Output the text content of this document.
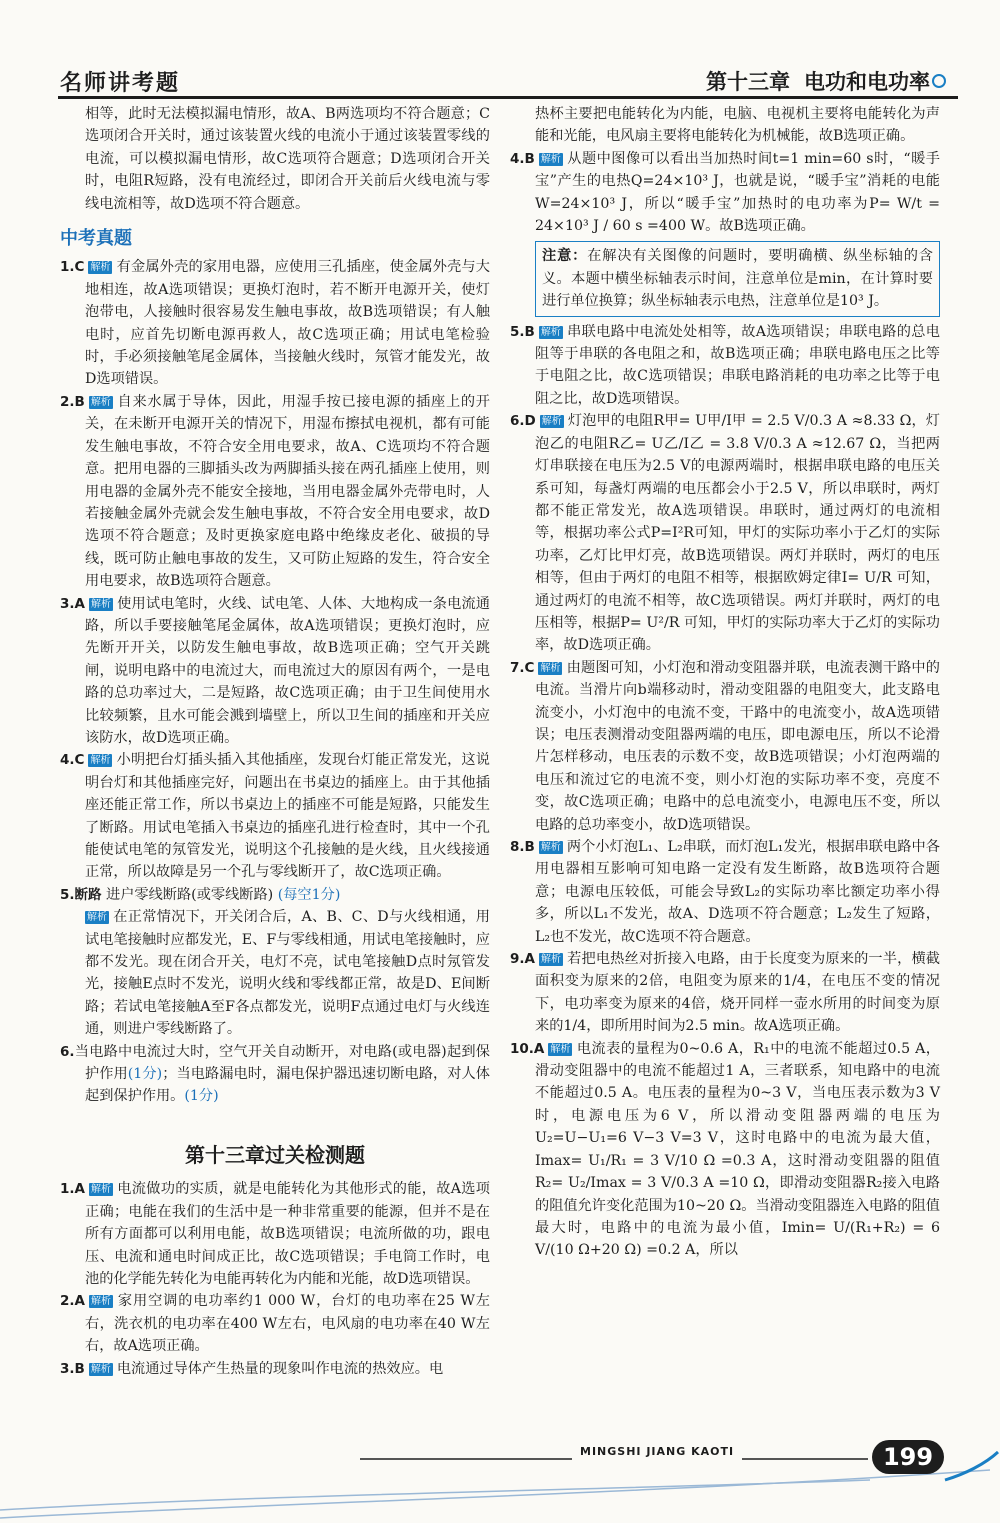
名师讲考题	第十三章 电功和电功率

相等，此时无法模拟漏电情形，故A、B两选项均不符合题意；C选项闭合开关时，通过该装置火线的电流小于通过该装置零线的电流，可以模拟漏电情形，故C选项符合题意；D选项闭合开关时，电阻R短路，没有电流经过，即闭合开关前后火线电流与零线电流相等，故D选项不符合题意。

中考真题

1.C 解析 有金属外壳的家用电器，应使用三孔插座，使金属外壳与大地相连，故A选项错误；更换灯泡时，若不断开电源开关，使灯泡带电，人接触时很容易发生触电事故，故B选项错误；有人触电时，应首先切断电源再救人，故C选项正确；用试电笔检验时，手必须接触笔尾金属体，当接触火线时，氖管才能发光，故D选项错误。

2.B 解析 自来水属于导体，因此，用湿手按已接电源的插座上的开关，在未断开电源开关的情况下，用湿布擦拭电视机，都有可能发生触电事故，不符合安全用电要求，故A、C选项均不符合题意。把用电器的三脚插头改为两脚插头接在两孔插座上使用，则用电器的金属外壳不能安全接地，当用电器金属外壳带电时，人若接触金属外壳就会发生触电事故，不符合安全用电要求，故D选项不符合题意；及时更换家庭电路中绝缘皮老化、破损的导线，既可防止触电事故的发生，又可防止短路的发生，符合安全用电要求，故B选项符合题意。

3.A 解析 使用试电笔时，火线、试电笔、人体、大地构成一条电流通路，所以手要接触笔尾金属体，故A选项错误；更换灯泡时，应先断开开关，以防发生触电事故，故B选项正确；空气开关跳闸，说明电路中的电流过大，而电流过大的原因有两个，一是电路的总功率过大，二是短路，故C选项正确；由于卫生间使用水比较频繁，且水可能会溅到墙壁上，所以卫生间的插座和开关应该防水，故D选项正确。

4.C 解析 小明把台灯插头插入其他插座，发现台灯能正常发光，这说明台灯和其他插座完好，问题出在书桌边的插座上。由于其他插座还能正常工作，所以书桌边上的插座不可能是短路，只能发生了断路。用试电笔插入书桌边的插座孔进行检查时，其中一个孔能使试电笔的氖管发光，说明这个孔接触的是火线，且火线接通正常，所以故障是另一个孔与零线断开了，故C选项正确。

5.断路 进户零线断路(或零线断路) (每空1分)

解析 在正常情况下，开关闭合后，A、B、C、D与火线相通，用试电笔接触时应都发光，E、F与零线相通，用试电笔接触时，应都不发光。现在闭合开关，电灯不亮，试电笔接触D点时氖管发光，接触E点时不发光，说明火线和零线都正常，故是D、E间断路；若试电笔接触A至F各点都发光，说明F点通过电灯与火线连通，则进户零线断路了。

6.当电路中电流过大时，空气开关自动断开，对电路(或电器)起到保护作用(1分)；当电路漏电时，漏电保护器迅速切断电路，对人体起到保护作用。(1分)

第十三章过关检测题

1.A 解析 电流做功的实质，就是电能转化为其他形式的能，故A选项正确；电能在我们的生活中是一种非常重要的能源，但并不是在所有方面都可以利用电能，故B选项错误；电流所做的功，跟电压、电流和通电时间成正比，故C选项错误；手电筒工作时，电池的化学能先转化为电能再转化为内能和光能，故D选项错误。

2.A 解析 家用空调的电功率约1 000 W，台灯的电功率在25 W左右，洗衣机的电功率在400 W左右，电风扇的电功率在40 W左右，故A选项正确。

3.B 解析 电流通过导体产生热量的现象叫作电流的热效应。电

热杯主要把电能转化为内能，电脑、电视机主要将电能转化为声能和光能，电风扇主要将电能转化为机械能，故B选项正确。

4.B 解析 从题中图像可以看出当加热时间t=1 min=60 s时，“暖手宝”产生的电热Q=24×10³ J，也就是说，“暖手宝”消耗的电能W=24×10³ J，所以“暖手宝”加热时的电功率为P= W/t = 24×10³ J / 60 s =400 W。故B选项正确。

注意：在解决有关图像的问题时，要明确横、纵坐标轴的含义。本题中横坐标轴表示时间，注意单位是min，在计算时要进行单位换算；纵坐标轴表示电热，注意单位是10³ J。

5.B 解析 串联电路中电流处处相等，故A选项错误；串联电路的总电阻等于串联的各电阻之和，故B选项正确；串联电路电压之比等于电阻之比，故C选项错误；串联电路消耗的电功率之比等于电阻之比，故D选项错误。

6.D 解析 灯泡甲的电阻R甲= U甲/I甲 = 2.5 V/0.3 A ≈8.33 Ω，灯泡乙的电阻R乙= U乙/I乙 = 3.8 V/0.3 A ≈12.67 Ω，当把两灯串联接在电压为2.5 V的电源两端时，根据串联电路的电压关系可知，每盏灯两端的电压都会小于2.5 V，所以串联时，两灯都不能正常发光，故A选项错误。串联时，通过两灯的电流相等，根据功率公式P=I²R可知，甲灯的实际功率小于乙灯的实际功率，乙灯比甲灯亮，故B选项错误。两灯并联时，两灯的电压相等，但由于两灯的电阻不相等，根据欧姆定律I= U/R 可知，通过两灯的电流不相等，故C选项错误。两灯并联时，两灯的电压相等，根据P= U²/R 可知，甲灯的实际功率大于乙灯的实际功率，故D选项正确。

7.C 解析 由题图可知，小灯泡和滑动变阻器并联，电流表测干路中的电流。当滑片向b端移动时，滑动变阻器的电阻变大，此支路电流变小，小灯泡中的电流不变，干路中的电流变小，故A选项错误；电压表测滑动变阻器两端的电压，即电源电压，所以不论滑片怎样移动，电压表的示数不变，故B选项错误；小灯泡两端的电压和流过它的电流不变，则小灯泡的实际功率不变，亮度不变，故C选项正确；电路中的总电流变小，电源电压不变，所以电路的总功率变小，故D选项错误。

8.B 解析 两个小灯泡L₁、L₂串联，而灯泡L₁发光，根据串联电路中各用电器相互影响可知电路一定没有发生断路，故B选项符合题意；电源电压较低，可能会导致L₂的实际功率比额定功率小得多，所以L₁不发光，故A、D选项不符合题意；L₂发生了短路，L₂也不发光，故C选项不符合题意。

9.A 解析 若把电热丝对折接入电路，由于长度变为原来的一半，横截面积变为原来的2倍，电阻变为原来的1/4，在电压不变的情况下，电功率变为原来的4倍，烧开同样一壶水所用的时间变为原来的1/4，即所用时间为2.5 min。故A选项正确。

10.A 解析 电流表的量程为0~0.6 A，R₁中的电流不能超过0.5 A，滑动变阻器中的电流不能超过1 A，三者联系，知电路中的电流不能超过0.5 A。电压表的量程为0~3 V，当电压表示数为3 V时，电源电压为6 V，所以滑动变阻器两端的电压为U₂=U−U₁=6 V−3 V=3 V，这时电路中的电流为最大值，Imax= U₁/R₁ = 3 V/10 Ω =0.3 A，这时滑动变阻器的阻值R₂= U₂/Imax = 3 V/0.3 A =10 Ω，即滑动变阻器R₂接入电路的阻值允许变化范围为10~20 Ω。当滑动变阻器连入电路的阻值最大时，电路中的电流为最小值，Imin= U/(R₁+R₂) = 6 V/(10 Ω+20 Ω) =0.2 A，所以

MINGSHI JIANG KAOTI	199
